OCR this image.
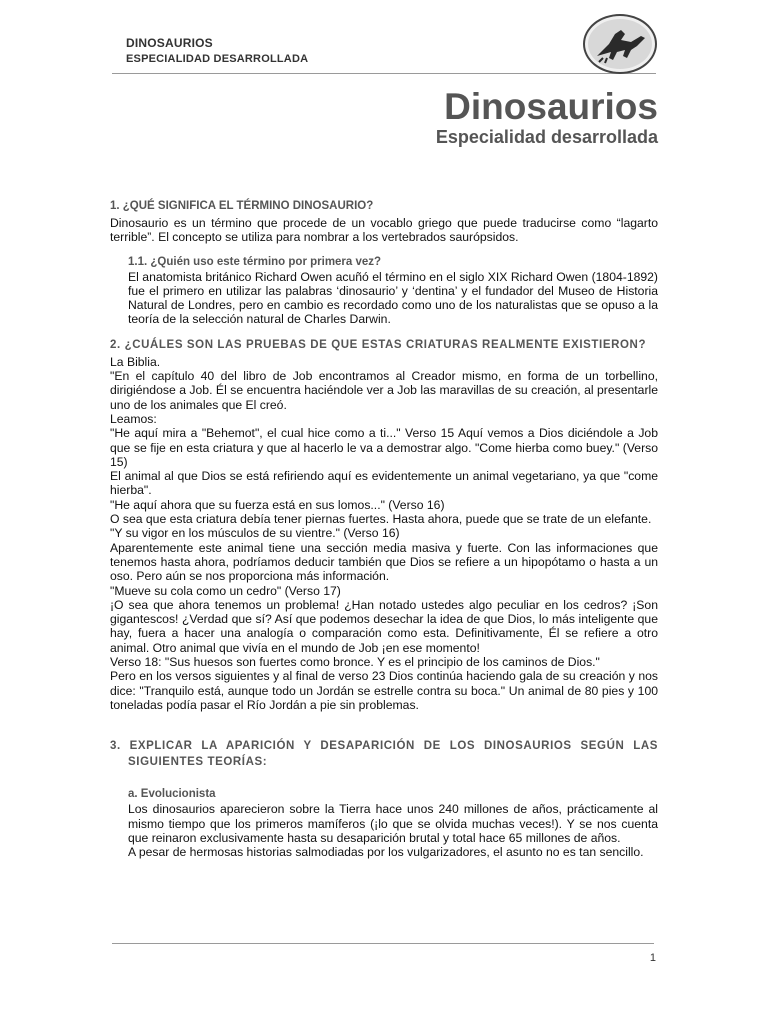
DINOSAURIOS
ESPECIALIDAD DESARROLLADA
Dinosaurios
Especialidad desarrollada
1. ¿QUÉ SIGNIFICA EL TÉRMINO DINOSAURIO?

Dinosaurio es un término que procede de un vocablo griego que puede traducirse como “lagarto terrible”. El concepto se utiliza para nombrar a los vertebrados saurópsidos.

1.1. ¿Quién uso este término por primera vez?

El anatomista británico Richard Owen acuñó el término en el siglo XIX Richard Owen (1804-1892) fue el primero en utilizar las palabras ‘dinosaurio’ y ‘dentina’ y el fundador del Museo de Historia Natural de Londres, pero en cambio es recordado como uno de los naturalistas que se opuso a la teoría de la selección natural de Charles Darwin.

2. ¿CUÁLES SON LAS PRUEBAS DE QUE ESTAS CRIATURAS REALMENTE EXISTIERON?

La Biblia.

"En el capítulo 40 del libro de Job encontramos al Creador mismo, en forma de un torbellino, dirigiéndose a Job. Él se encuentra haciéndole ver a Job las maravillas de su creación, al presentarle uno de los animales que El creó.

Leamos:

"He aquí mira a "Behemot", el cual hice como a ti..." Verso 15 Aquí vemos a Dios diciéndole a Job que se fije en esta criatura y que al hacerlo le va a demostrar algo. "Come hierba como buey." (Verso 15)

El animal al que Dios se está refiriendo aquí es evidentemente un animal vegetariano, ya que "come hierba".

"He aquí ahora que su fuerza está en sus lomos..." (Verso 16)

O sea que esta criatura debía tener piernas fuertes. Hasta ahora, puede que se trate de un elefante.

"Y su vigor en los músculos de su vientre." (Verso 16)

Aparentemente este animal tiene una sección media masiva y fuerte. Con las informaciones que tenemos hasta ahora, podríamos deducir también que Dios se refiere a un hipopótamo o hasta a un oso. Pero aún se nos proporciona más información.

"Mueve su cola como un cedro" (Verso 17)

¡O sea que ahora tenemos un problema! ¿Han notado ustedes algo peculiar en los cedros? ¡Son gigantescos! ¿Verdad que sí? Así que podemos desechar la idea de que Dios, lo más inteligente que hay, fuera a hacer una analogía o comparación como esta. Definitivamente, Él se refiere a otro animal. Otro animal que vivía en el mundo de Job ¡en ese momento!

Verso 18: "Sus huesos son fuertes como bronce. Y es el principio de los caminos de Dios."

Pero en los versos siguientes y al final de verso 23 Dios continúa haciendo gala de su creación y nos dice: "Tranquilo está, aunque todo un Jordán se estrelle contra su boca." Un animal de 80 pies y 100 toneladas podía pasar el Río Jordán a pie sin problemas.

3. EXPLICAR LA APARICIÓN Y DESAPARICIÓN DE LOS DINOSAURIOS SEGÚN LAS SIGUIENTES TEORÍAS:
a. Evolucionista

Los dinosaurios aparecieron sobre la Tierra hace unos 240 millones de años, prácticamente al mismo tiempo que los primeros mamíferos (¡lo que se olvida muchas veces!). Y se nos cuenta que reinaron exclusivamente hasta su desaparición brutal y total hace 65 millones de años.

A pesar de hermosas historias salmodiadas por los vulgarizadores, el asunto no es tan sencillo.

1
